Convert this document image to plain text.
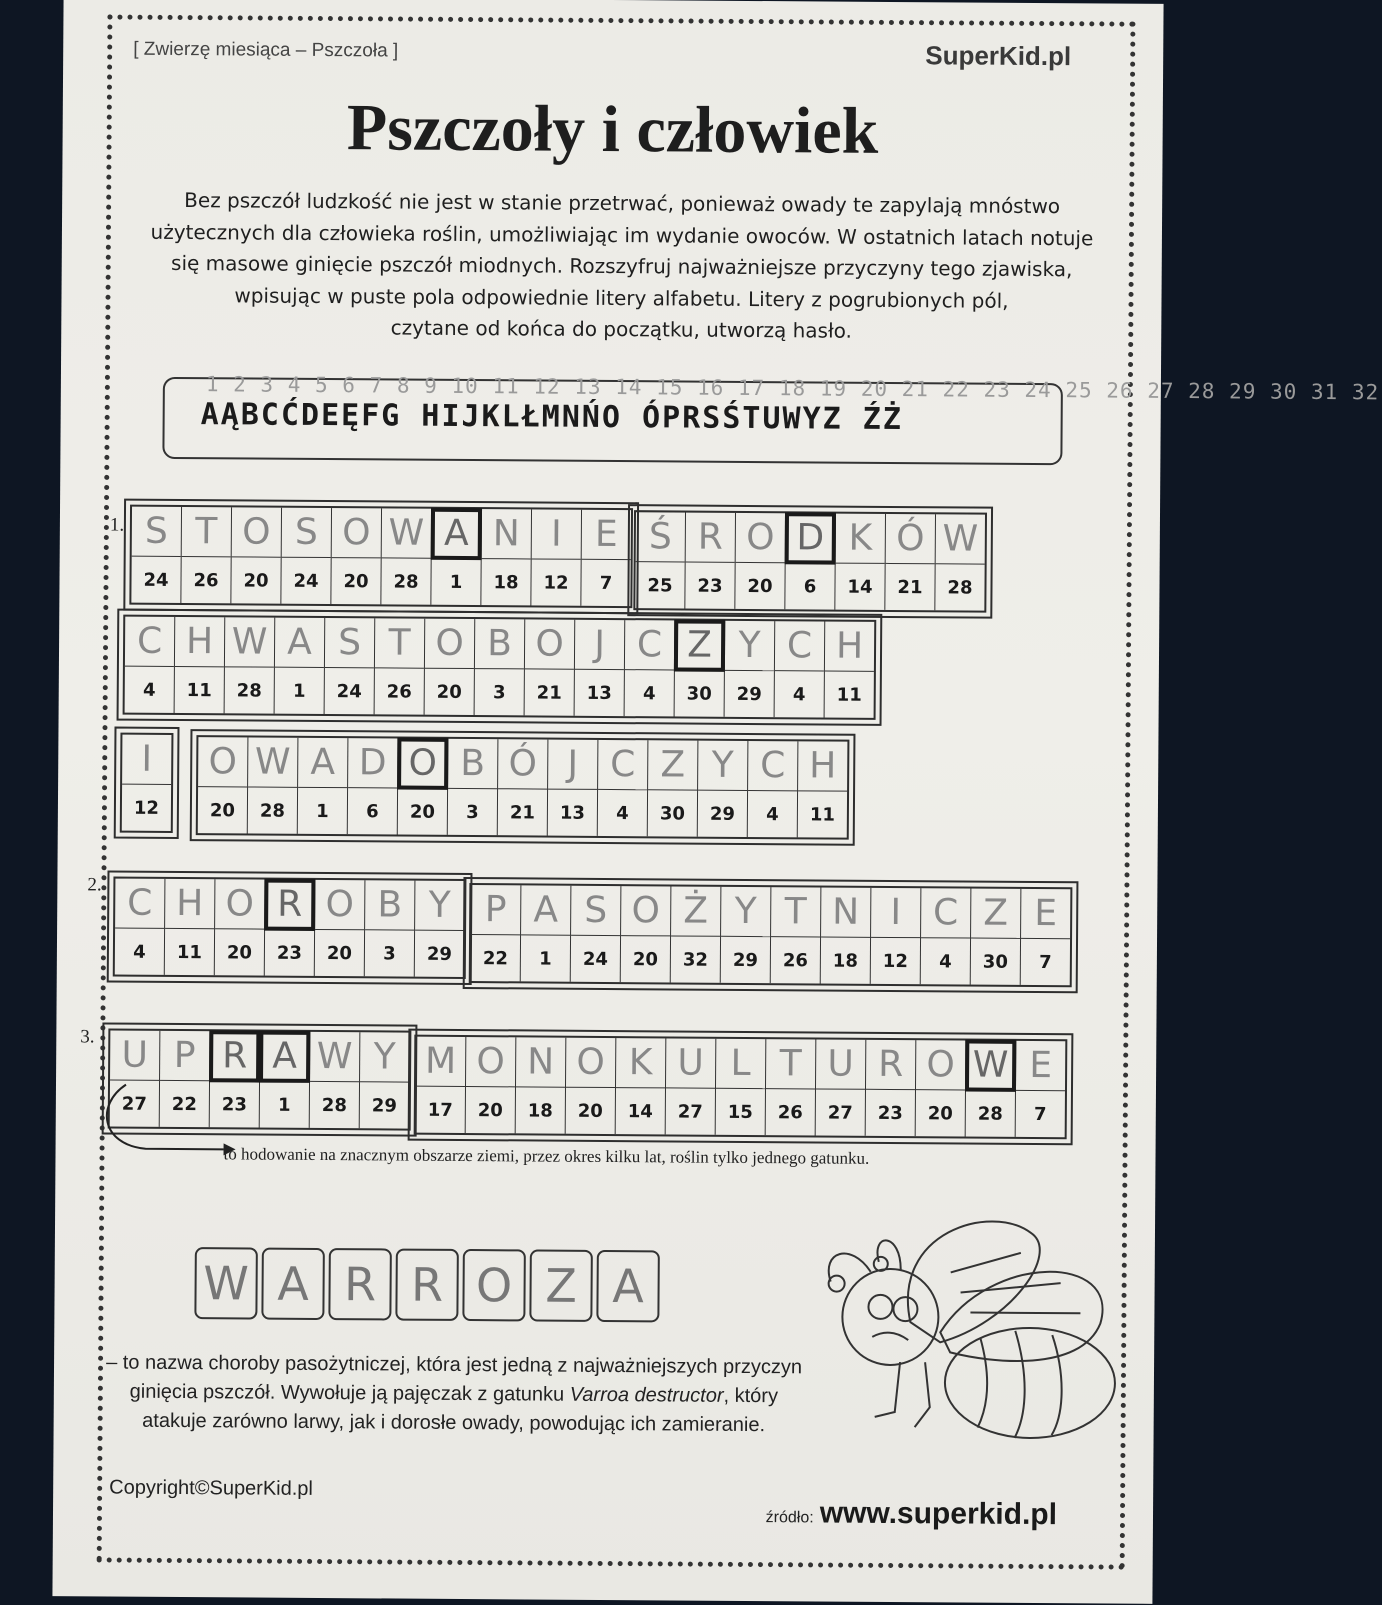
[ Zwierzę miesiąca – Pszczoła ]	SuperKid.pl
Pszczoły i człowiek
Bez pszczół ludzkość nie jest w stanie przetrwać, ponieważ owady te zapylają mnóstwo
użytecznych dla człowieka roślin, umożliwiając im wydanie owoców. W ostatnich latach notuje
się masowe ginięcie pszczół miodnych. Rozszyfruj najważniejsze przyczyny tego zjawiska,
wpisując w puste pola odpowiednie litery alfabetu. Litery z pogrubionych pól,
czytane od końca do początku, utworzą hasło.
1 2 3 4 5 6 7 8 9 10 11 12 13 14 15 16 17 18 19 20 21 22 23 24 25 26 27 28 29 30 31 32
AĄBCĆDEĘFG HIJKLŁMNŃO ÓPRSŚTUWYZ ŹŻ
1.
2.
3.
S
24
T
26
O
20
S
24
O
20
W
28
A
1
N
18
I
12
E
7
Ś
25
R
23
O
20
D
6
K
14
Ó
21
W
28
C
4
H
11
W
28
A
1
S
24
T
26
O
20
B
3
O
21
J
13
C
4
Z
30
Y
29
C
4
H
11
I
12
O
20
W
28
A
1
D
6
O
20
B
3
Ó
21
J
13
C
4
Z
30
Y
29
C
4
H
11
C
4
H
11
O
20
R
23
O
20
B
3
Y
29
P
22
A
1
S
24
O
20
Ż
32
Y
29
T
26
N
18
I
12
C
4
Z
30
E
7
U
27
P
22
R
23
A
1
W
28
Y
29
M
17
O
20
N
18
O
20
K
14
U
27
L
15
T
26
U
27
R
23
O
20
W
28
E
7
to hodowanie na znacznym obszarze ziemi, przez okres kilku lat, roślin tylko jednego gatunku.
W A R R O Z A
– to nazwa choroby pasożytniczej, która jest jedną z najważniejszych przyczyn
ginięcia pszczół. Wywołuje ją pajęczak z gatunku Varroa destructor, który
atakuje zarówno larwy, jak i dorosłe owady, powodując ich zamieranie.
Copyright©SuperKid.pl
źródło: www.superkid.pl
